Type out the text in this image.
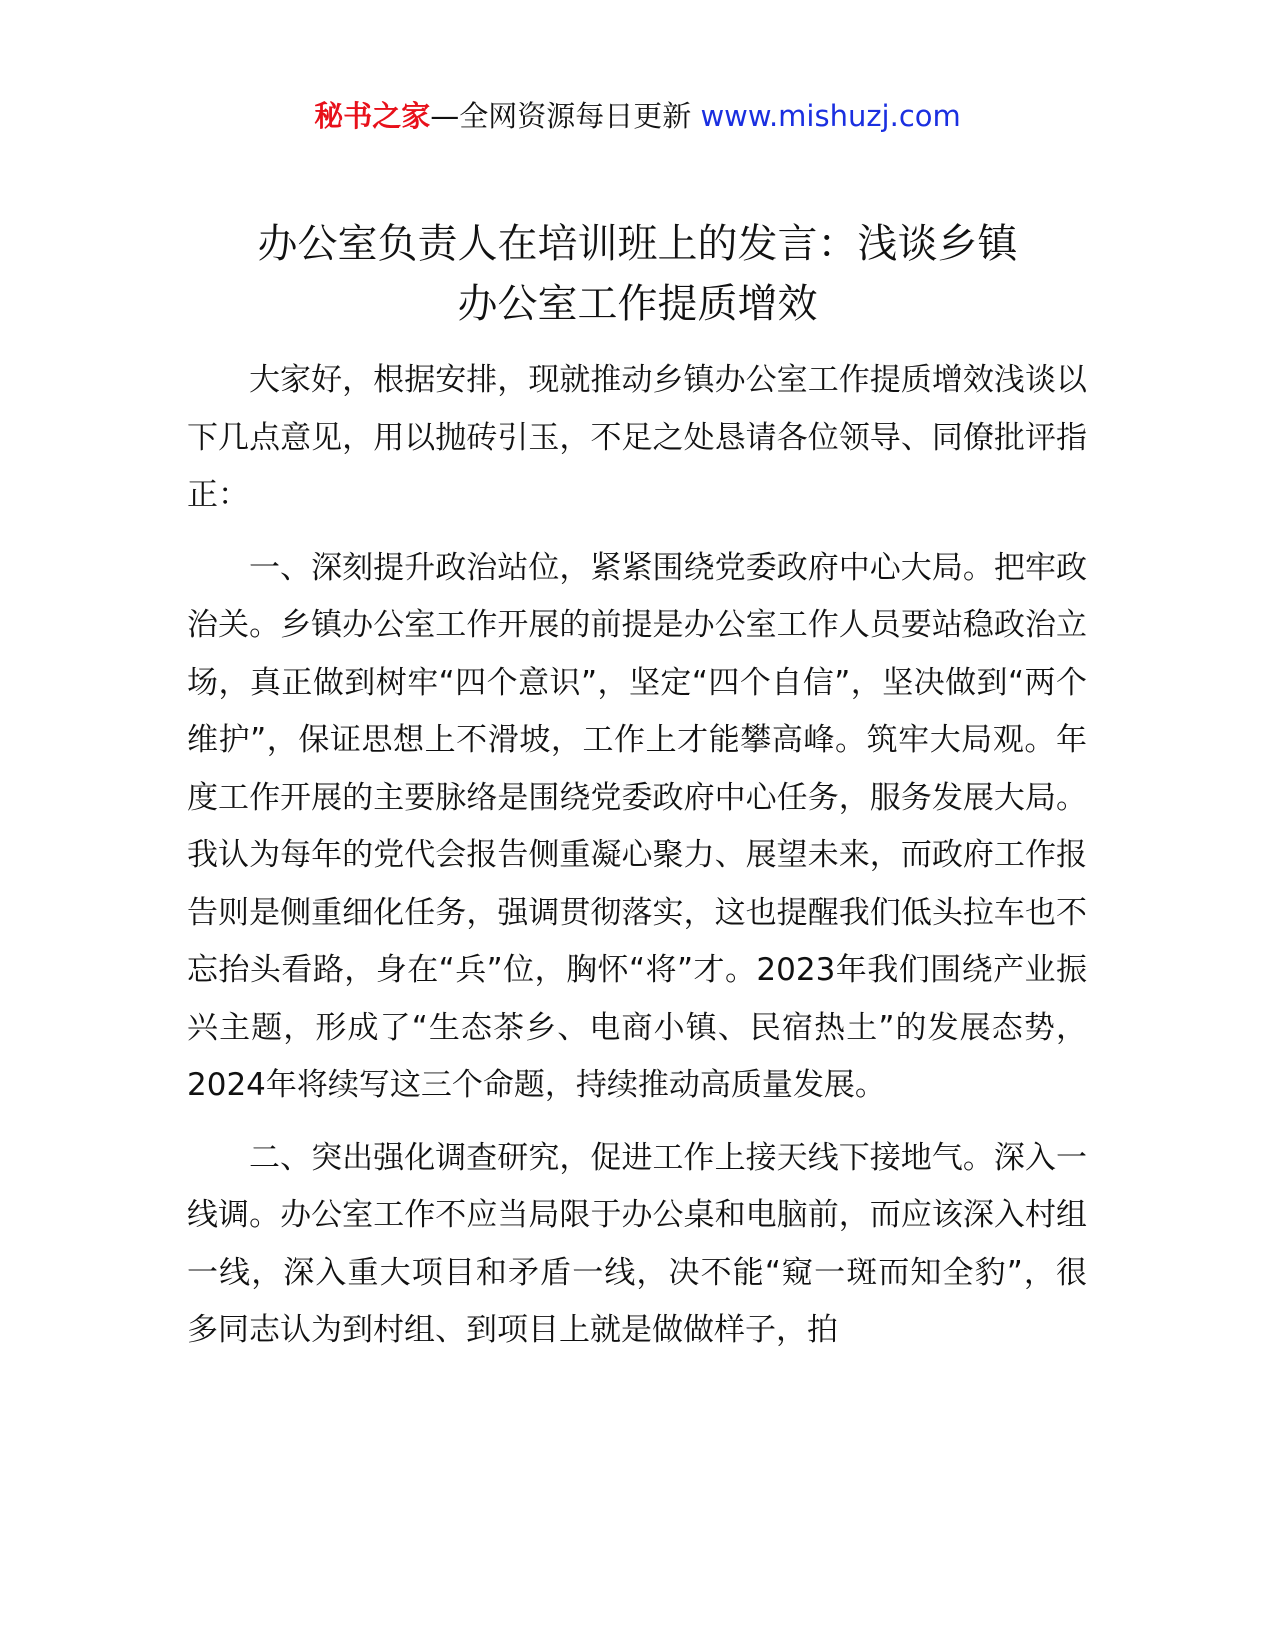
秘书之家—全网资源每日更新 www.mishuzj.com
办公室负责人在培训班上的发言：浅谈乡镇
办公室工作提质增效

大家好，根据安排，现就推动乡镇办公室工作提质增效浅谈以下几点意见，用以抛砖引玉，不足之处恳请各位领导、同僚批评指正：

一、深刻提升政治站位，紧紧围绕党委政府中心大局。把牢政治关。乡镇办公室工作开展的前提是办公室工作人员要站稳政治立场，真正做到树牢“四个意识”，坚定“四个自信”，坚决做到“两个维护”，保证思想上不滑坡，工作上才能攀高峰。筑牢大局观。年度工作开展的主要脉络是围绕党委政府中心任务，服务发展大局。我认为每年的党代会报告侧重凝心聚力、展望未来，而政府工作报告则是侧重细化任务，强调贯彻落实，这也提醒我们低头拉车也不忘抬头看路，身在“兵”位，胸怀“将”才。2023年我们围绕产业振兴主题，形成了“生态茶乡、电商小镇、民宿热土”的发展态势，2024年将续写这三个命题，持续推动高质量发展。

二、突出强化调查研究，促进工作上接天线下接地气。深入一线调。办公室工作不应当局限于办公桌和电脑前，而应该深入村组一线，深入重大项目和矛盾一线，决不能“窥一斑而知全豹”，很多同志认为到村组、到项目上就是做做样子，拍
